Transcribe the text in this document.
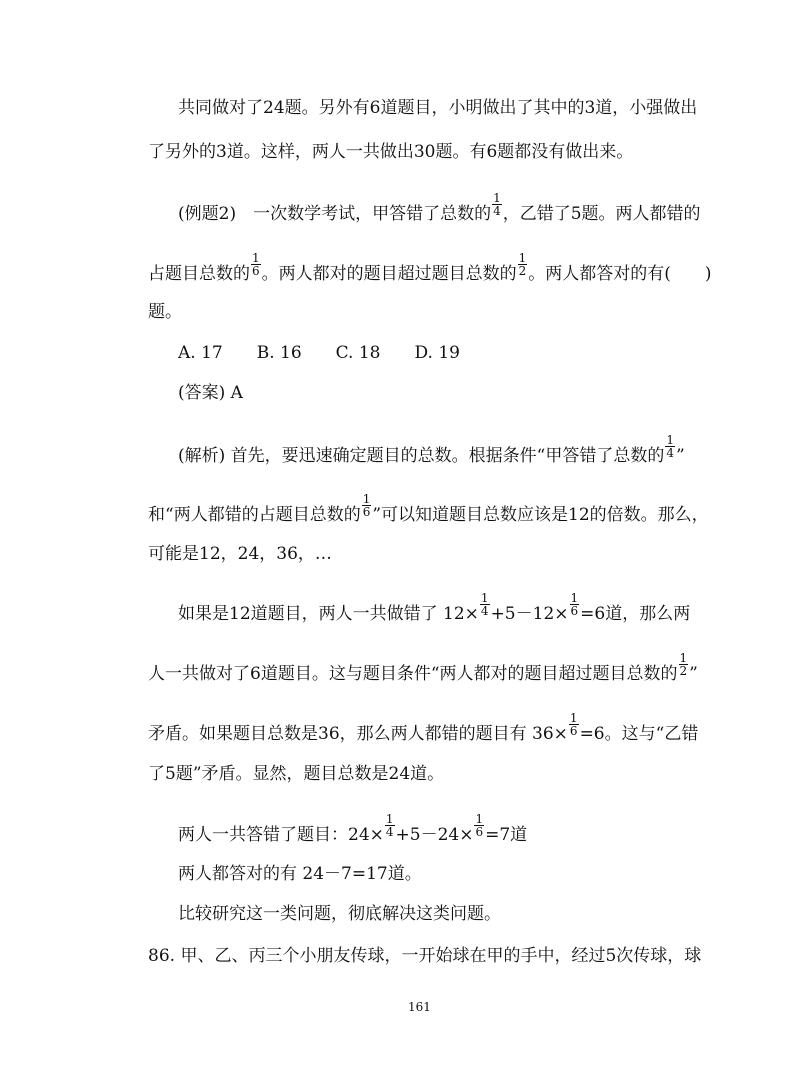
共同做对了24题。另外有6道题目，小明做出了其中的3道，小强做出
了另外的3道。这样，两人一共做出30题。有6题都没有做出来。
(例题2)　一次数学考试，甲答错了总数的 $\frac{1}{4}$ ，乙错了5题。两人都错的
占题目总数的 $\frac{1}{6}$ 。两人都对的题目超过题目总数的 $\frac{1}{2}$ 。两人都答对的有(　　)
题。
A. 17　　B. 16　　C. 18　　D. 19
(答案) A
(解析) 首先，要迅速确定题目的总数。根据条件“甲答错了总数的 $\frac{1}{4}$ ”
和“两人都错的占题目总数的 $\frac{1}{6}$ ”可以知道题目总数应该是12的倍数。那么，
可能是12，24，36，…
如果是12道题目，两人一共做错了 $12\times \frac{1}{4} +5-12\times \frac{1}{6} =6$道，那么两
人一共做对了6道题目。这与题目条件“两人都对的题目超过题目总数的 $\frac{1}{2}$ ”
矛盾。如果题目总数是36，那么两人都错的题目有 $36\times \frac{1}{6} =6$。这与“乙错
了5题”矛盾。显然，题目总数是24道。
两人一共答错了题目：$24\times \frac{1}{4} +5-24\times \frac{1}{6} =7$道
两人都答对的有 24－7=17道。
比较研究这一类问题，彻底解决这类问题。
86. 甲、乙、丙三个小朋友传球，一开始球在甲的手中，经过5次传球，球
161
